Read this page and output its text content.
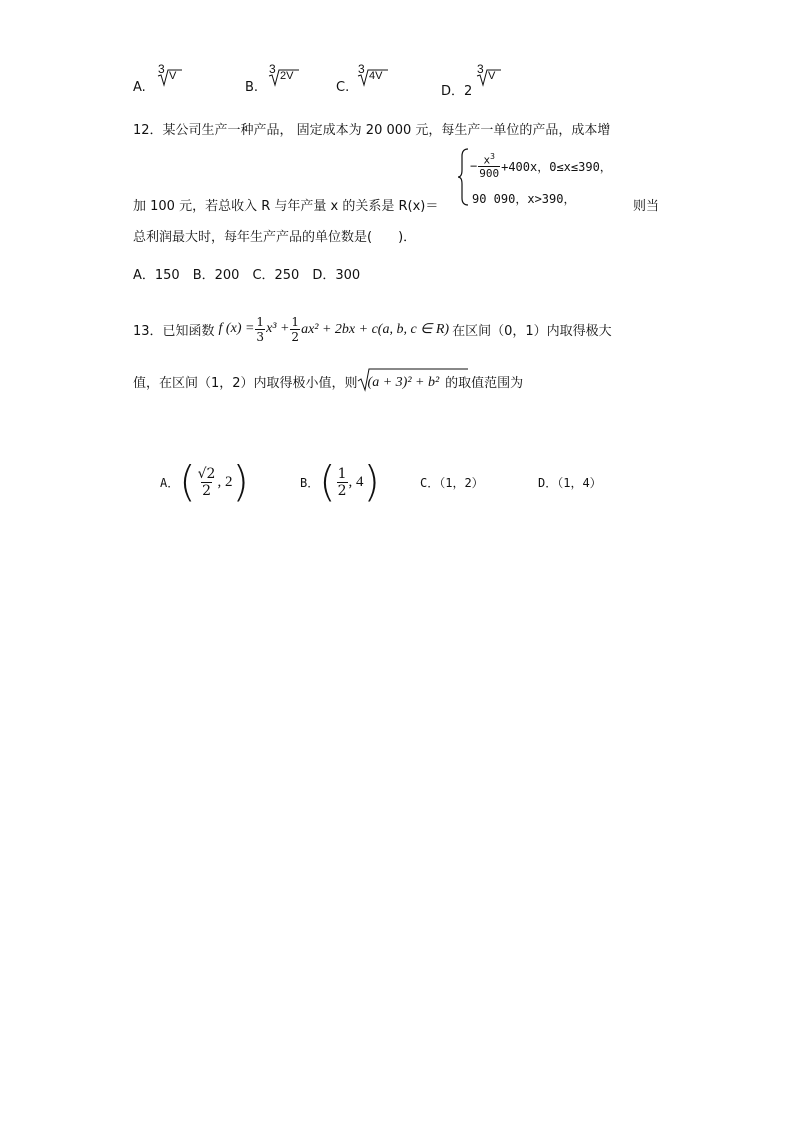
A.
3 V
B.
3 2V
C.
3 4V
D．2
3 V
12．某公司生产一种产品， 固定成本为 20 000 元，每生产一单位的产品，成本增
− $\frac{x^3}{900} +400x$，0≤x≤390，
90 090，x>390，
加 100 元，若总收入 R 与年产量 x 的关系是 R(x)＝	则当
总利润最大时，每年生产产品的单位数是(　　)．
A．150　B．200　C．250　D．300
13．已知函数 f $(x) = \frac{1}{3} x^3 + \frac{1}{2} ax^2 + 2bx + c(a$, b, c ∈ R) 在区间（0，1）内取得极大
值，在区间（1，2）内取得极小值，则 (a + 3)² + b² 的取值范围为
A． ( $\frac{√2}{2}$ , 2 )	B． ( $\frac{1}{2}$ , 4 )	C．（1，2）	D．（1，4）
